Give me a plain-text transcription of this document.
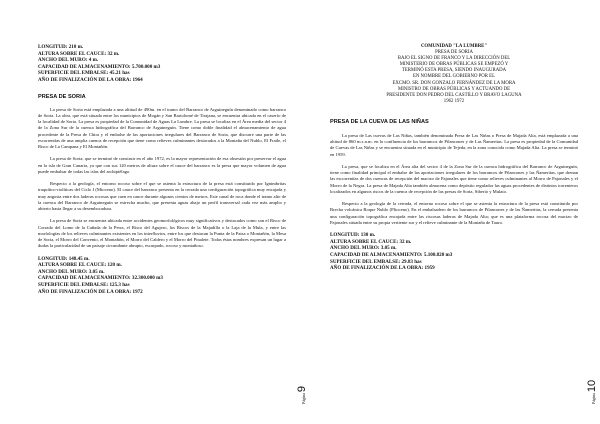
LONGITUD: 210 m.
ALTURA SOBRE EL CAUCE: 32 m.
ANCHO DEL MURO: 4 m.
CAPACIDAD DE ALMACENAMIENTO: 5.700.000 m3
SUPERFICIE DEL EMBALSE: 45.21 has
AÑO DE FINALIZACIÓN DE LA OBRA: 1964
PRESA DE SORIA

La presa de Soria está emplazada a una altitud de 490m. en el tramo del Barranco de Arguineguín denominado como barranco de Soria. La obra, que está situada entre los municipios de Mogán y San Bartolomé de Tirajana, se encuentra ubicada en el caserío de la localidad de Soria. La presa es propiedad de la Comunidad de Aguas La Lumbre. La presa se localiza en el Área media del sector 4 de la Zona Sur de la cuenca hidrográfica del Barranco de Arguineguín. Tiene como doble finalidad el almacenamiento de agua procedente de la Presa de Chira y el embalse de las aportaciones irregulares del Barranco de Soria, que discurre una parte de las escorrentías de una amplia cuenca de recepción que tiene como relieves culminantes destacados a la Montaña del Nublo, El Fraile, el Risco de La Campana y El Montañón.

La presa de Soria, que se terminó de construir en el año 1972, es la mayor representación de esa obsesión por preservar el agua en la isla de Gran Canaria, ya que con sus 120 metros de altura sobre el cauce del barranco es la presa que mayor volumen de agua puede embalsar de todas las islas del archipiélago.

Respecto a la geología, el entorno rocoso sobre el que se asienta la estructura de la presa está constituido por Ignimbritas traquítico-riolíticas del Ciclo I (Mioceno). El cauce del barranco presenta en la cerrada una configuración topográfica muy encajada y muy angosta entre dos laderas rocosas que caen en cauce durante algunos cientos de metros. Este canal de roca donde el tramo alto de la cuenca del Barranco de Arguineguín se estrecha mucho, que presenta aguas abajo un perfil transversal cada vez más amplio y abierto hasta llegar a su desembocadura.

La presa de Soria se encuentra ubicada entre accidentes geomorfológicos muy significativos y destacados como son el Risco de Corrado del Lomo de la Cañada de la Perra, el Risco del Agujero, los Riscos de la Majadilla o la Laja de la Mula, y entre las morfologías de los relieves culminantes existentes en los interfluvios, entre los que destacan la Punta de la Paisa o Montañón, la Mesa de Soria, el Morro del Convento, el Montañón, el Morro del Caldero y el Morro del Pinalete. Todas éstas nombres expresan un lugar a dudas la particularidad de un paisaje circundante abrupto, escarpado, rocoso y montañoso.

LONGITUD: 148.45 m.
ALTURA SOBRE EL CAUCE: 120 m.
ANCHO DEL MURO: 3.05 m.
CAPACIDAD DE ALMACENAMIENTO: 32.300.000 m3
SUPERFICIE DEL EMBALSE: 125.3 has
AÑO DE FINALIZACIÓN DE LA OBRA: 1972
Página
9
COMUNIDAD "LA LUMBRE"
PRESA DE SORIA
BAJO EL SIGNO DE FRANCO Y LA DIRECCIÓN DEL
MINISTERIO DE OBRAS PÚBLICAS SE EMPEZÓ Y
TERMINÓ ESTA PRESA, SIENDO INAUGURADA
EN NOMBRE DEL GOBIERNO POR EL
EXCMO. SR. DON GONZALO FERNÁNDEZ DE LA MORA
MINISTRO DE OBRAS PÚBLICAS Y ACTUANDO DE
PRESIDENTE DON PEDRO DEL CASTILLO Y BRAVO LAGUNA
1962 1972
PRESA DE LA CUEVA DE LAS NIÑAS

La presa de Las cuevas de Las Niñas, también denominada Presa de Las Niñas o Presa de Majada Alta, está emplazada a una altitud de 860 m.s.n.m. en la confluencia de los barrancos de Pilancones y de Las Ñameritas. La presa es propiedad de la Comunidad de Cuevas de Las Niñas y se encuentra situada en el municipio de Tejeda, en la zona conocida como Majada Alta. La presa se terminó en 1959.

La presa, que se localiza en el Área alta del sector 4 de la Zona Sur de la cuenca hidrográfica del Barranco de Arguineguín, tiene como finalidad principal el embalse de las aportaciones irregulares de los barrancos de Pilancones y las Ñameritas, que drenan las escorrentías de dos cuencas de recepción del macizo de Pajonales que tiene como relieves culminantes al Morro de Pajonales y el Morro de la Negra. La presa de Majada Alta también almacena como depósito regulador las aguas procedentes de distintos torrenteros localizados en algunos riscos de la cuenca de recepción de las presas de Soria, Siberio y Mulato.

Respecto a la geología de la cerrada, el entorno rocoso sobre el que se asienta la estructura de la presa está constituido por Brecha volcánica Roque Nublo (Plioceno). En el embalsadero de los barrancos de Pilancones y de las Ñameritas, la cerrada presenta una configuración topográfica encajada entre las riscosas laderas de Majada Alta; que es una plataforma rocosa del macizo de Pajonales situada entre su propia vertiente sur y el relieve culminante de la Montaña de Tauro.

LONGITUD: 130 m.
ALTURA SOBRE EL CAUCE: 32 m.
ANCHO DEL MURO: 3.05 m.
CAPACIDAD DE ALMACENAMIENTO: 5.100.820 m3
SUPERFICIE DEL EMBALSE: 29.83 has
AÑO DE FINALIZACIÓN DE LA OBRA: 1959
Página
10
